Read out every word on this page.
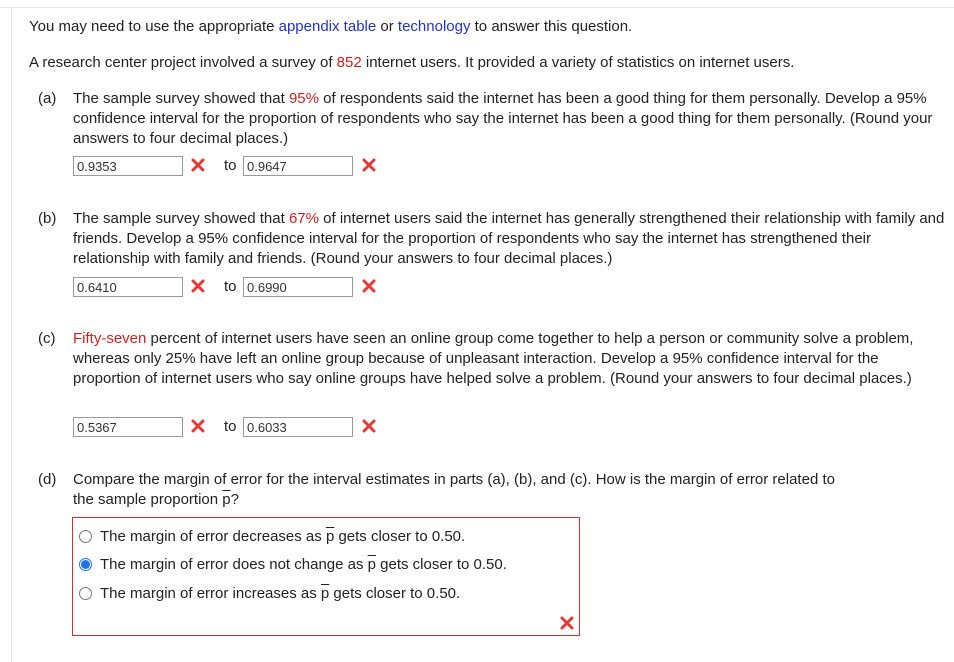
You may need to use the appropriate appendix table or technology to answer this question.
A research center project involved a survey of 852 internet users. It provided a variety of statistics on internet users.
(a) The sample survey showed that 95% of respondents said the internet has been a good thing for them personally. Develop a 95% confidence interval for the proportion of respondents who say the internet has been a good thing for them personally. (Round your answers to four decimal places.)
0.9353	to 0.9647
(b) The sample survey showed that 67% of internet users said the internet has generally strengthened their relationship with family and friends. Develop a 95% confidence interval for the proportion of respondents who say the internet has strengthened their relationship with family and friends. (Round your answers to four decimal places.)
0.6410	to 0.6990
(c) Fifty-seven percent of internet users have seen an online group come together to help a person or community solve a problem, whereas only 25% have left an online group because of unpleasant interaction. Develop a 95% confidence interval for the proportion of internet users who say online groups have helped solve a problem. (Round your answers to four decimal places.)
0.5367	to 0.6033
(d) Compare the margin of error for the interval estimates in parts (a), (b), and (c). How is the margin of error related to
the sample proportion $\overline{p}$?
The margin of error decreases as $\overline{p}$ gets closer to 0.50.
The margin of error does not change as $\overline{p}$ gets closer to 0.50.
The margin of error increases as $\overline{p}$ gets closer to 0.50.
